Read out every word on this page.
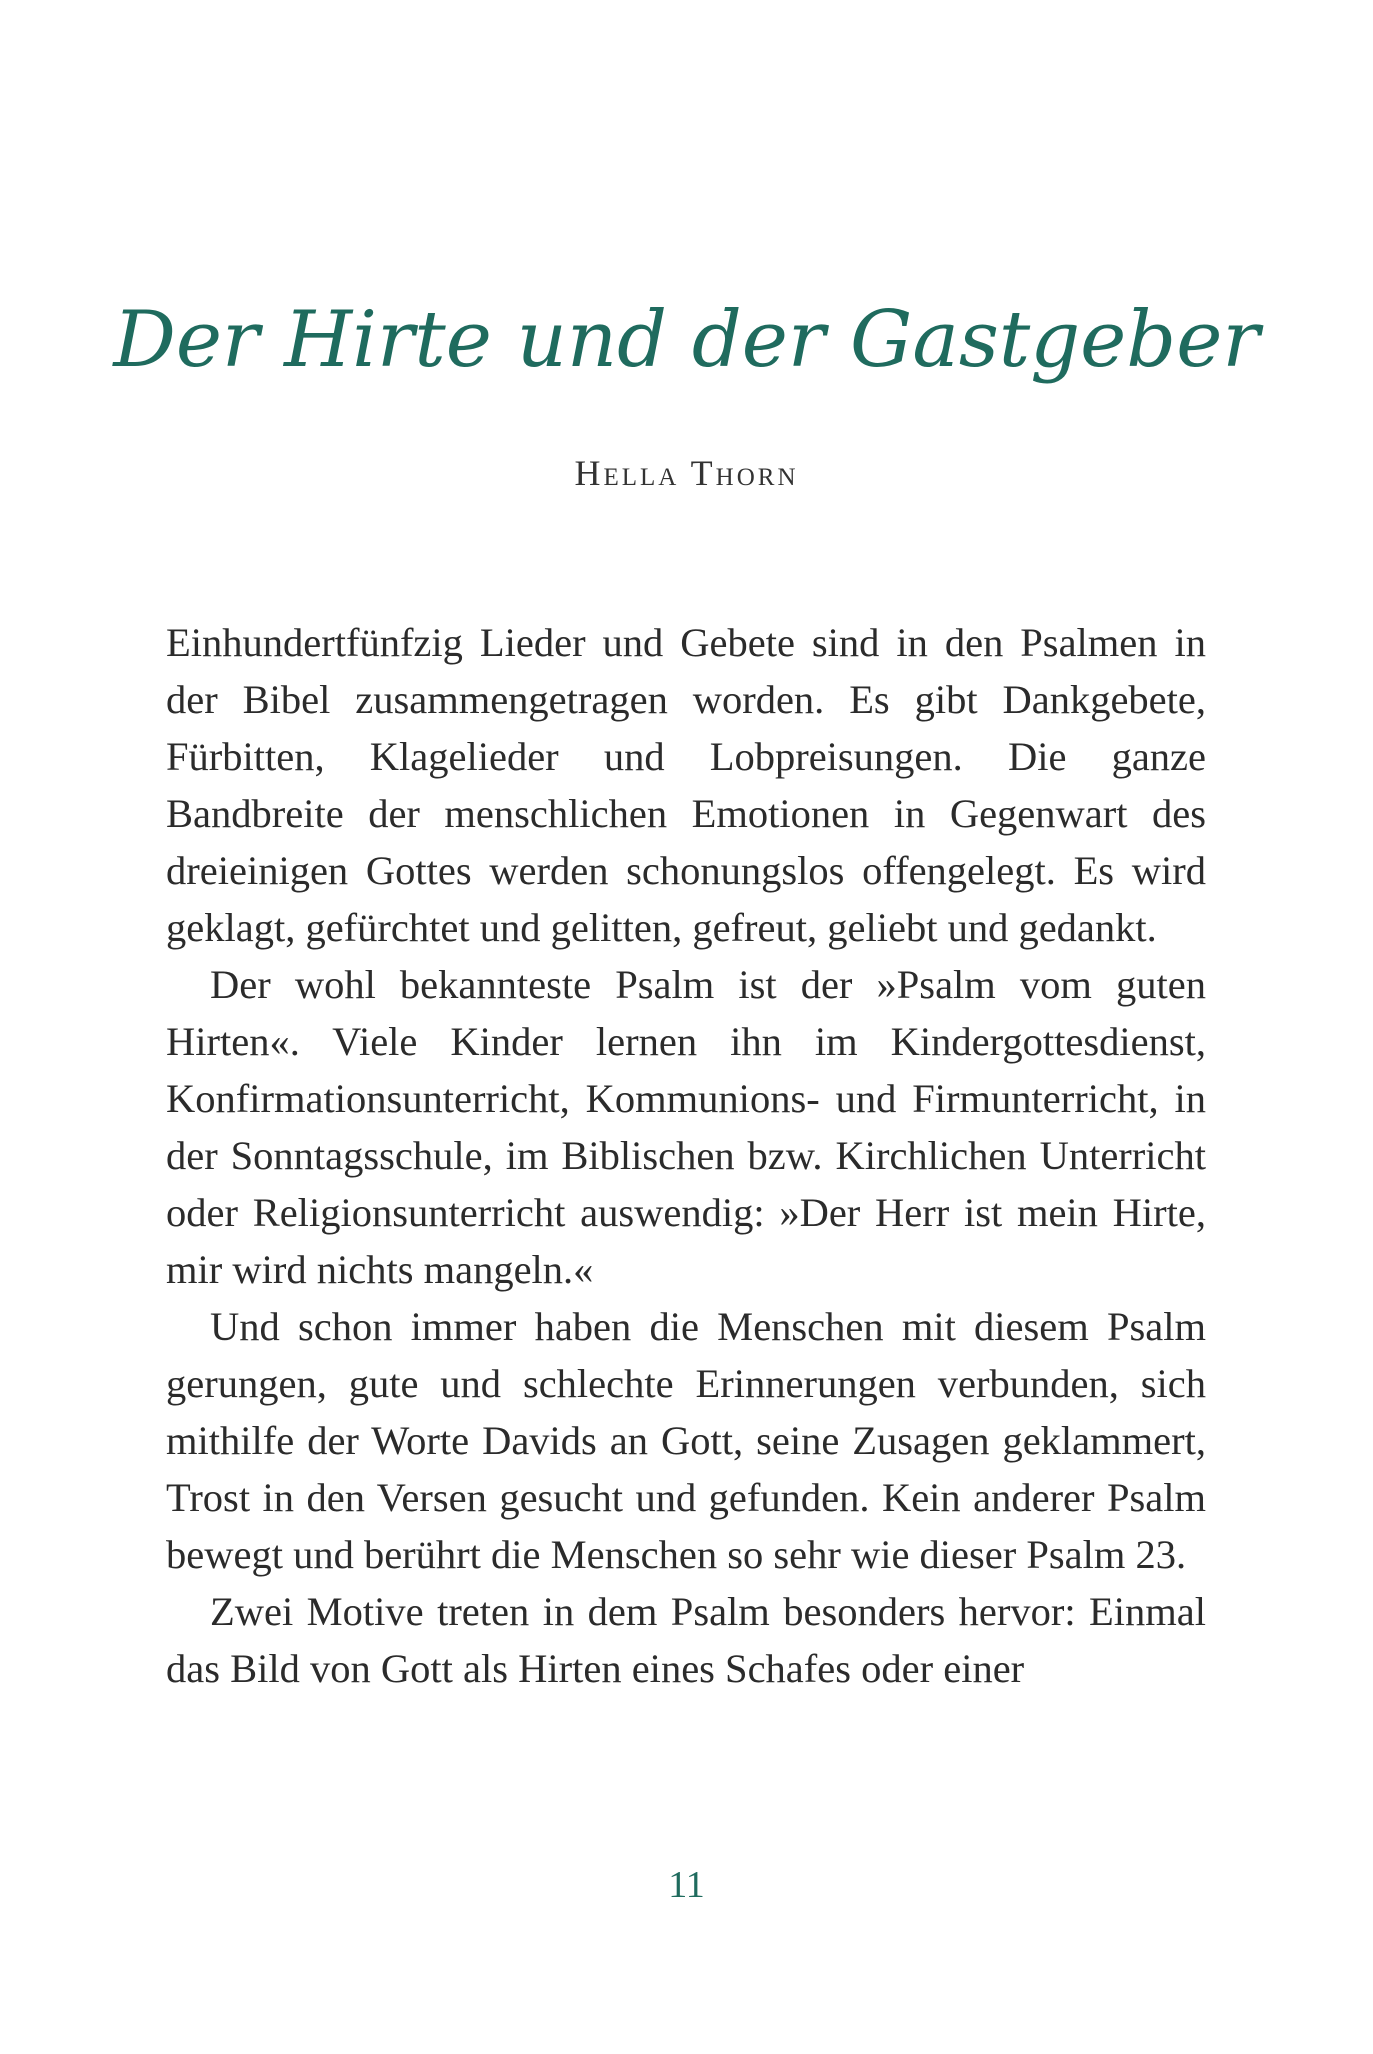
Der Hirte und der Gastgeber
Hella Thorn

Einhundertfünfzig Lieder und Gebete sind in den Psalmen in der Bibel zusammengetragen worden. Es gibt Dankgebete, Fürbitten, Klagelieder und Lobpreisungen. Die ganze Bandbreite der menschlichen Emotionen in Gegenwart des dreieinigen Gottes werden schonungslos offengelegt. Es wird geklagt, gefürchtet und gelitten, gefreut, geliebt und gedankt.

Der wohl bekannteste Psalm ist der »Psalm vom guten Hirten«. Viele Kinder lernen ihn im Kindergottesdienst, Konfirmationsunterricht, Kommunions- und Firmunterricht, in der Sonntagsschule, im Biblischen bzw. Kirchlichen Unterricht oder Religionsunterricht auswendig: »Der Herr ist mein Hirte, mir wird nichts mangeln.«

Und schon immer haben die Menschen mit diesem Psalm gerungen, gute und schlechte Erinnerungen verbunden, sich mithilfe der Worte Davids an Gott, seine Zusagen geklammert, Trost in den Versen gesucht und gefunden. Kein anderer Psalm bewegt und berührt die Menschen so sehr wie dieser Psalm 23.

Zwei Motive treten in dem Psalm besonders hervor: Einmal das Bild von Gott als Hirten eines Schafes oder einer

11
